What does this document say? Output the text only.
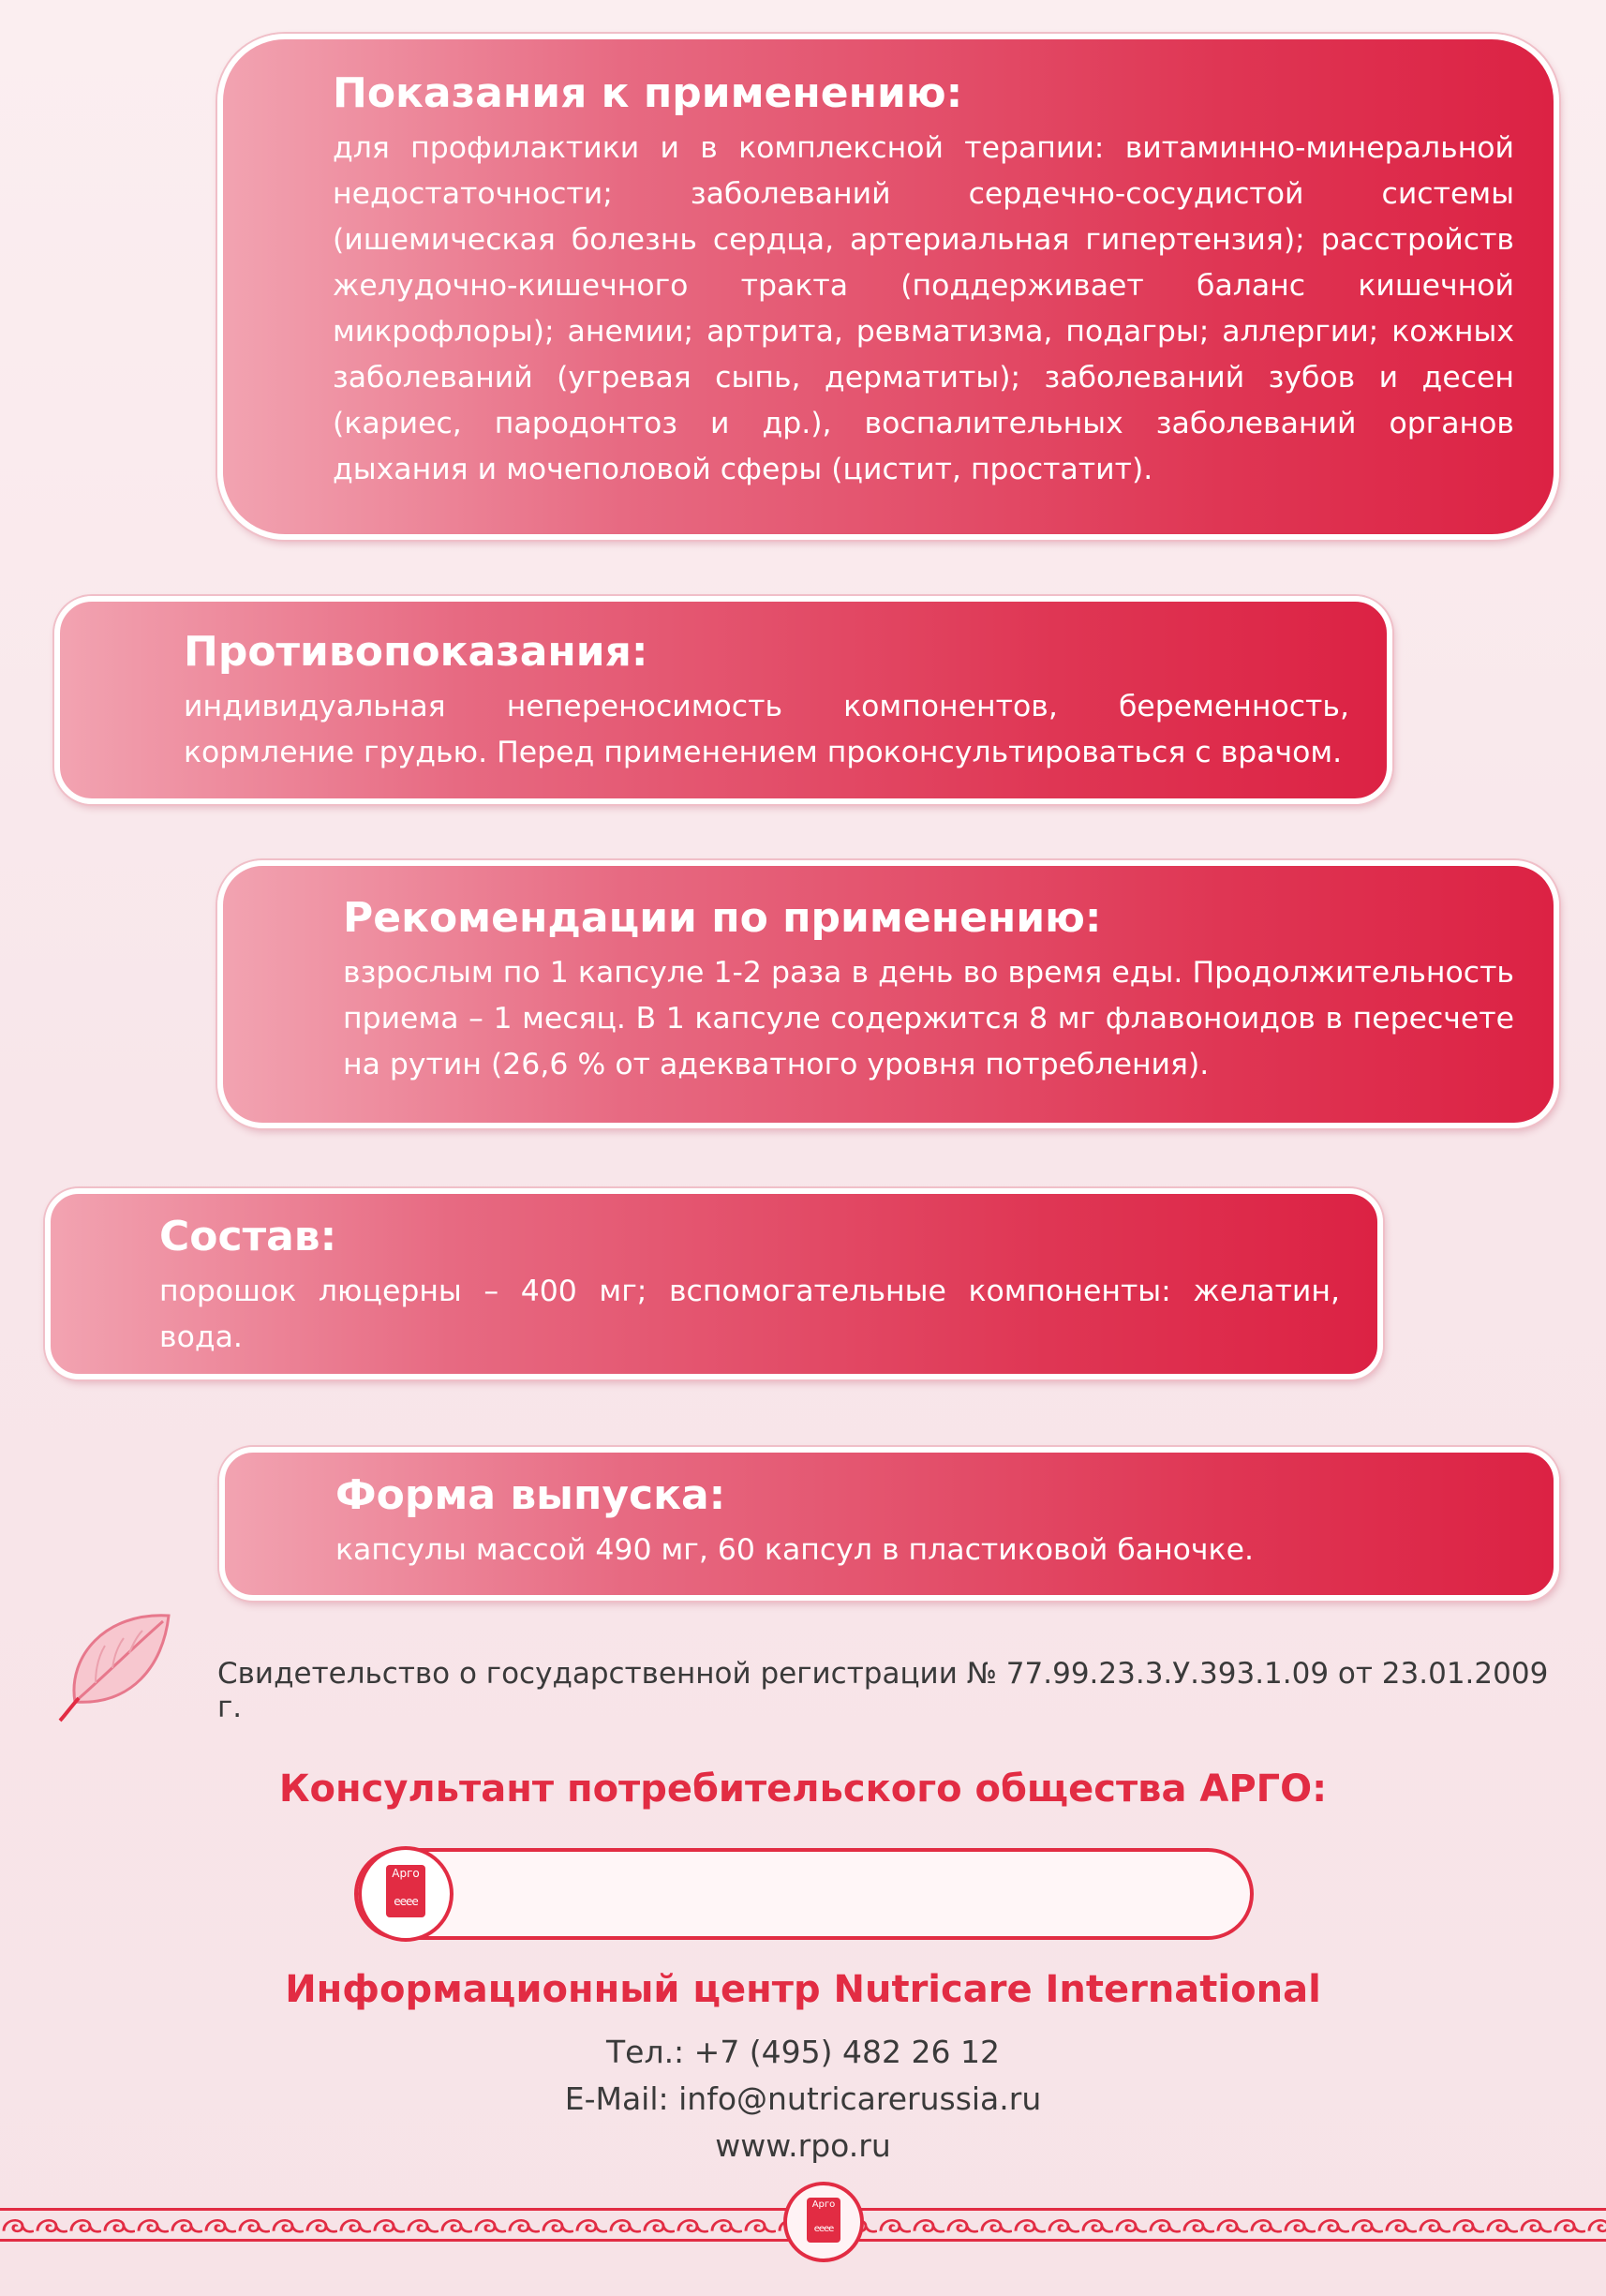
Показания к применению:

для профилактики и в комплексной терапии: витаминно-минеральной недостаточности; заболеваний сердечно-сосудистой системы (ишемическая болезнь сердца, артериальная гипертензия); расстройств желудочно-кишечного тракта (поддерживает баланс кишечной микрофлоры); анемии; артрита, ревматизма, подагры; аллергии; кожных заболеваний (угревая сыпь, дерматиты); заболеваний зубов и десен (кариес, пародонтоз и др.), воспалительных заболеваний органов дыхания и мочеполовой сферы (цистит, простатит).

Противопоказания:

индивидуальная непереносимость компонентов, беременность, кормление грудью. Перед применением проконсультироваться с врачом.

Рекомендации по применению:

взрослым по 1 капсуле 1-2 раза в день во время еды. Продолжительность приема – 1 месяц. В 1 капсуле содержится 8 мг флавоноидов в пересчете на рутин (26,6 % от адекватного уровня потребления).

Состав:

порошок люцерны – 400 мг; вспомогательные компоненты: желатин, вода.

Форма выпуска:

капсулы массой 490 мг, 60 капсул в пластиковой баночке.

Свидетельство о государственной регистрации № 77.99.23.3.У.393.1.09 от 23.01.2009 г.
Консультант потребительского общества АРГО:
Арго
ееее
Информационный центр Nutricare International
Тел.: +7 (495) 482 26 12
E-Mail: info@nutricarerussia.ru
www.rpo.ru
Арго
ееее
